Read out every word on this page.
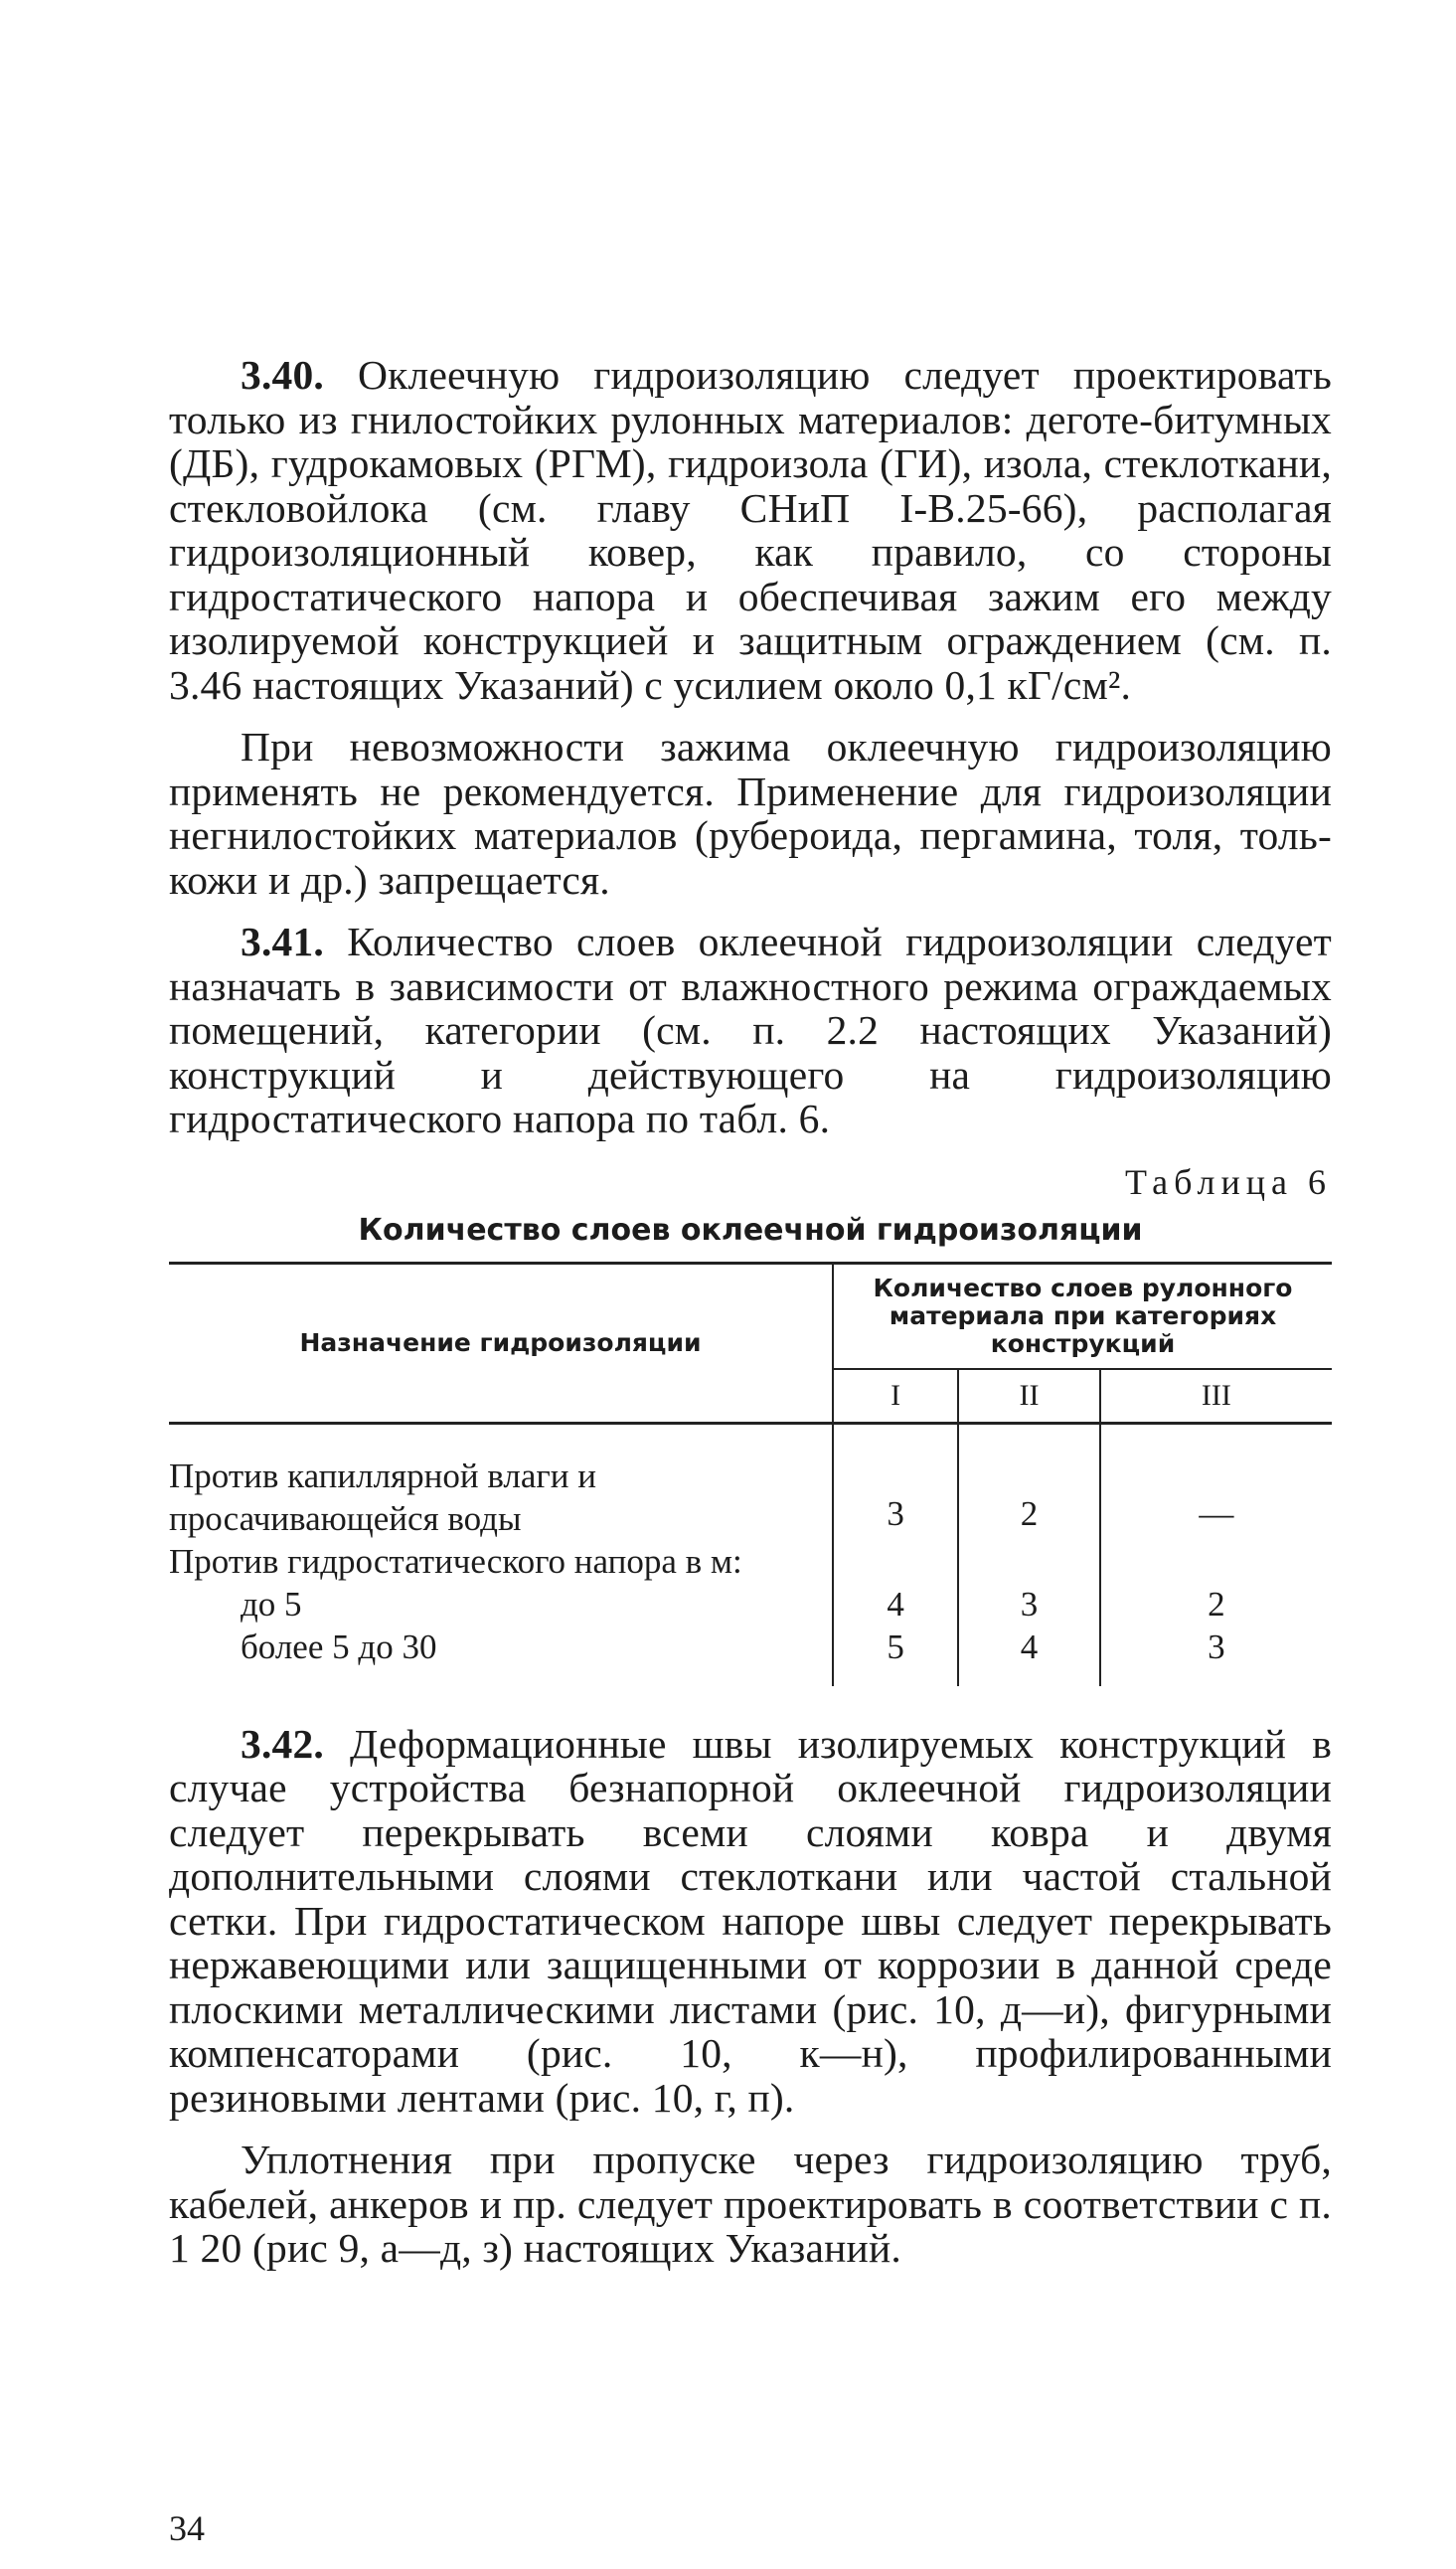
3.40. Оклеечную гидроизоляцию следует проектировать только из гнилостойких рулонных материалов: деготе-битумных (ДБ), гудрокамовых (РГМ), гидроизола (ГИ), изола, стеклоткани, стекловойлока (см. главу СНиП I-В.25-66), располагая гидроизоляционный ковер, как правило, со стороны гидростатического напора и обеспечивая зажим его между изолируемой конструкцией и защитным ограждением (см. п. 3.46 настоящих Указаний) с усилием около 0,1 кГ/см².

При невозможности зажима оклеечную гидроизоляцию применять не рекомендуется. Применение для гидроизоляции негнилостойких материалов (рубероида, пергамина, толя, толь-кожи и др.) запрещается.

3.41. Количество слоев оклеечной гидроизоляции следует назначать в зависимости от влажностного режима ограждаемых помещений, категории (см. п. 2.2 настоящих Указаний) конструкций и действующего на гидроизоляцию гидростатического напора по табл. 6.

Таблица 6
Количество слоев оклеечной гидроизоляции
Назначение гидроизоляции	Количество слоев рулонного материала при категориях конструкций		
	I	II	III
Против капиллярной влаги и просачивающейся воды	3	2	—
Против гидростатического напора в м:			
до 5	4	3	2
более 5 до 30	5	4	3

3.42. Деформационные швы изолируемых конструкций в случае устройства безнапорной оклеечной гидроизоляции следует перекрывать всеми слоями ковра и двумя дополнительными слоями стеклоткани или частой стальной сетки. При гидростатическом напоре швы следует перекрывать нержавеющими или защищенными от коррозии в данной среде плоскими металлическими листами (рис. 10, д—и), фигурными компенсаторами (рис. 10, к—н), профилированными резиновыми лентами (рис. 10, г, п).

Уплотнения при пропуске через гидроизоляцию труб, кабелей, анкеров и пр. следует проектировать в соответствии с п. 1 20 (рис 9, а—д, з) настоящих Указаний.

34
